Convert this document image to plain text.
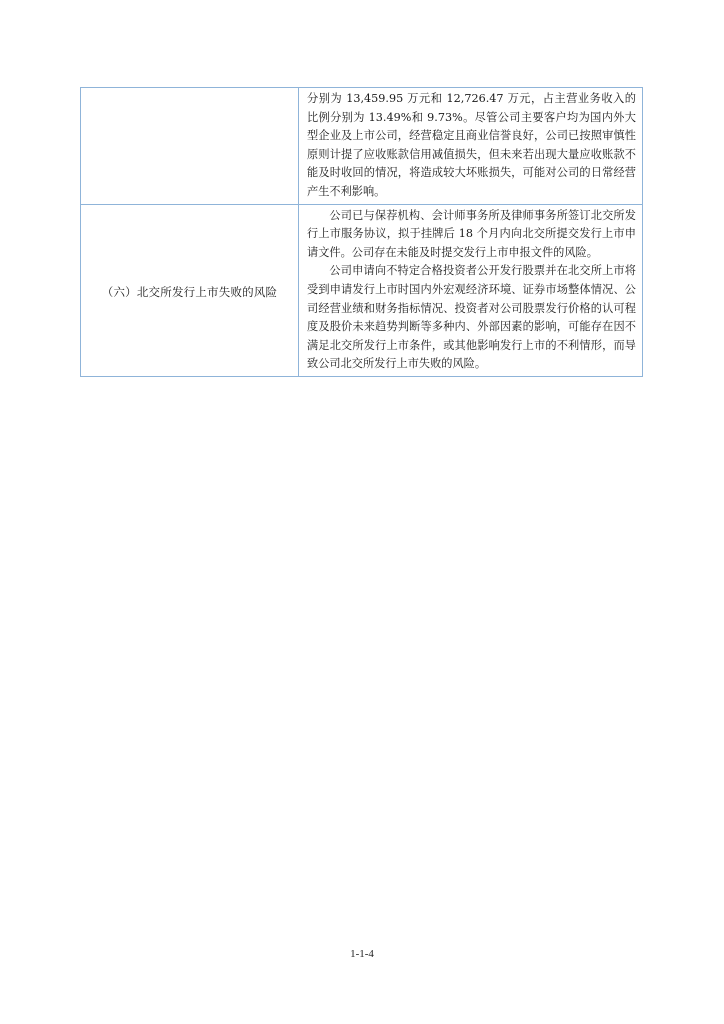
	分别为 13,459.95 万元和 12,726.47 万元，占主营业务收入的比例分别为 13.49%和 9.73%。尽管公司主要客户均为国内外大型企业及上市公司，经营稳定且商业信誉良好，公司已按照审慎性原则计提了应收账款信用减值损失，但未来若出现大量应收账款不能及时收回的情况，将造成较大坏账损失，可能对公司的日常经营产生不利影响。

（六）北交所发行上市失败的风险	公司已与保荐机构、会计师事务所及律师事务所签订北交所发行上市服务协议，拟于挂牌后 18 个月内向北交所提交发行上市申请文件。公司存在未能及时提交发行上市申报文件的风险。

公司申请向不特定合格投资者公开发行股票并在北交所上市将受到申请发行上市时国内外宏观经济环境、证券市场整体情况、公司经营业绩和财务指标情况、投资者对公司股票发行价格的认可程度及股价未来趋势判断等多种内、外部因素的影响，可能存在因不满足北交所发行上市条件，或其他影响发行上市的不利情形，而导致公司北交所发行上市失败的风险。

1-1-4
